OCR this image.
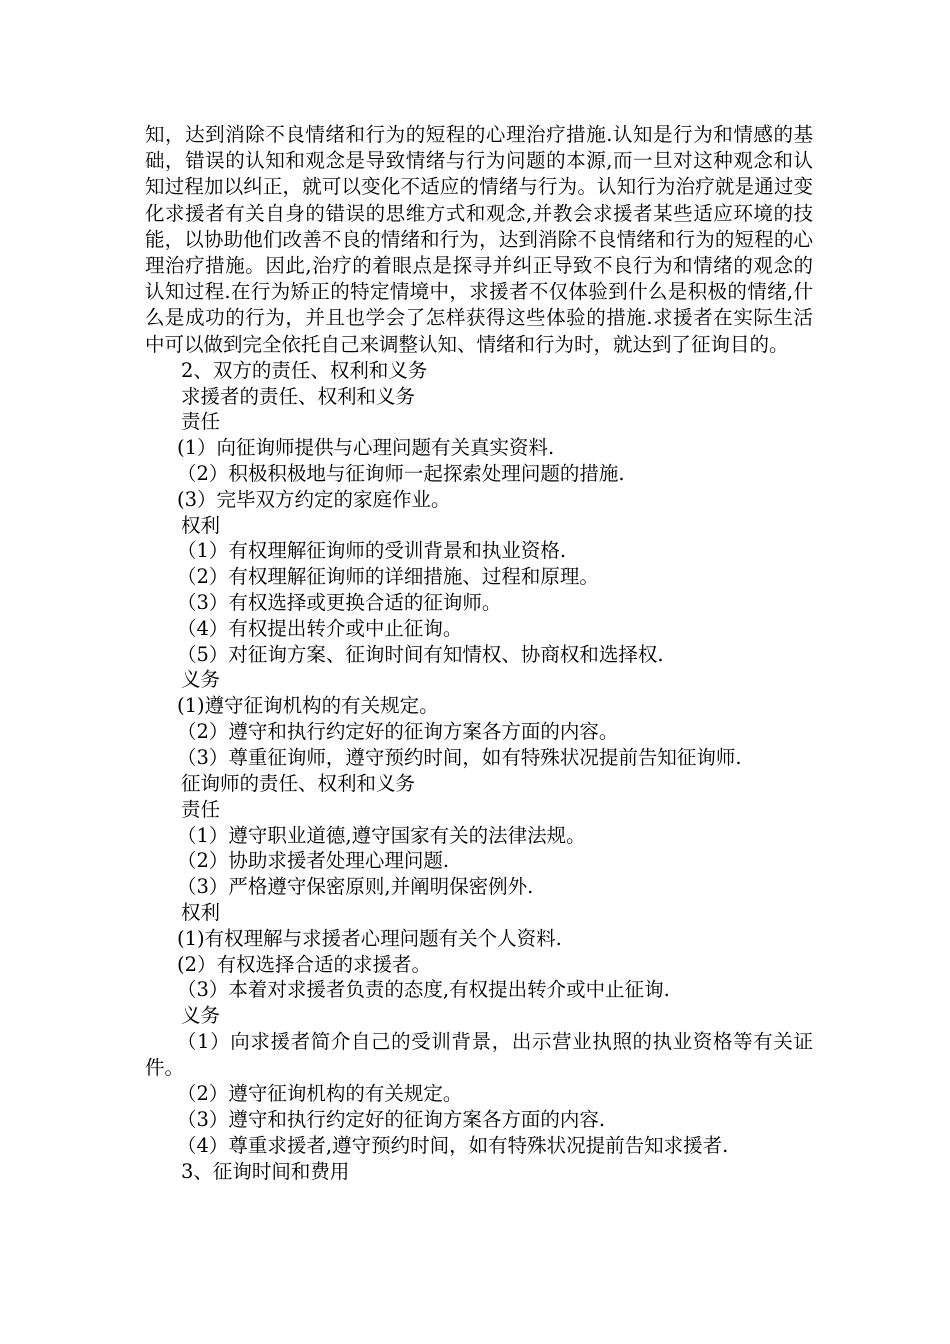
知，达到消除不良情绪和行为的短程的心理治疗措施.认知是行为和情感的基础，错误的认知和观念是导致情绪与行为问题的本源,而一旦对这种观念和认知过程加以纠正，就可以变化不适应的情绪与行为。认知行为治疗就是通过变化求援者有关自身的错误的思维方式和观念,并教会求援者某些适应环境的技能，以协助他们改善不良的情绪和行为，达到消除不良情绪和行为的短程的心理治疗措施。因此,治疗的着眼点是探寻并纠正导致不良行为和情绪的观念的认知过程.在行为矫正的特定情境中，求援者不仅体验到什么是积极的情绪,什么是成功的行为，并且也学会了怎样获得这些体验的措施.求援者在实际生活中可以做到完全依托自己来调整认知、情绪和行为时，就达到了征询目的。

2、双方的责任、权利和义务
求援者的责任、权利和义务
责任
(1）向征询师提供与心理问题有关真实资料.
（2）积极积极地与征询师一起探索处理问题的措施.
(3）完毕双方约定的家庭作业。
权利
（1）有权理解征询师的受训背景和执业资格.
（2）有权理解征询师的详细措施、过程和原理。
（3）有权选择或更换合适的征询师。
（4）有权提出转介或中止征询。
（5）对征询方案、征询时间有知情权、协商权和选择权.
义务
(1)遵守征询机构的有关规定。
（2）遵守和执行约定好的征询方案各方面的内容。

（3）尊重征询师，遵守预约时间，如有特殊状况提前告知征询师.

征询师的责任、权利和义务
责任
（1）遵守职业道德,遵守国家有关的法律法规。
（2）协助求援者处理心理问题.
（3）严格遵守保密原则,并阐明保密例外.
权利
(1)有权理解与求援者心理问题有关个人资料.
(2）有权选择合适的求援者。
（3）本着对求援者负责的态度,有权提出转介或中止征询.
义务

（1）向求援者简介自己的受训背景，出示营业执照的执业资格等有关证件。

（2）遵守征询机构的有关规定。
（3）遵守和执行约定好的征询方案各方面的内容.
（4）尊重求援者,遵守预约时间，如有特殊状况提前告知求援者.
3、征询时间和费用
